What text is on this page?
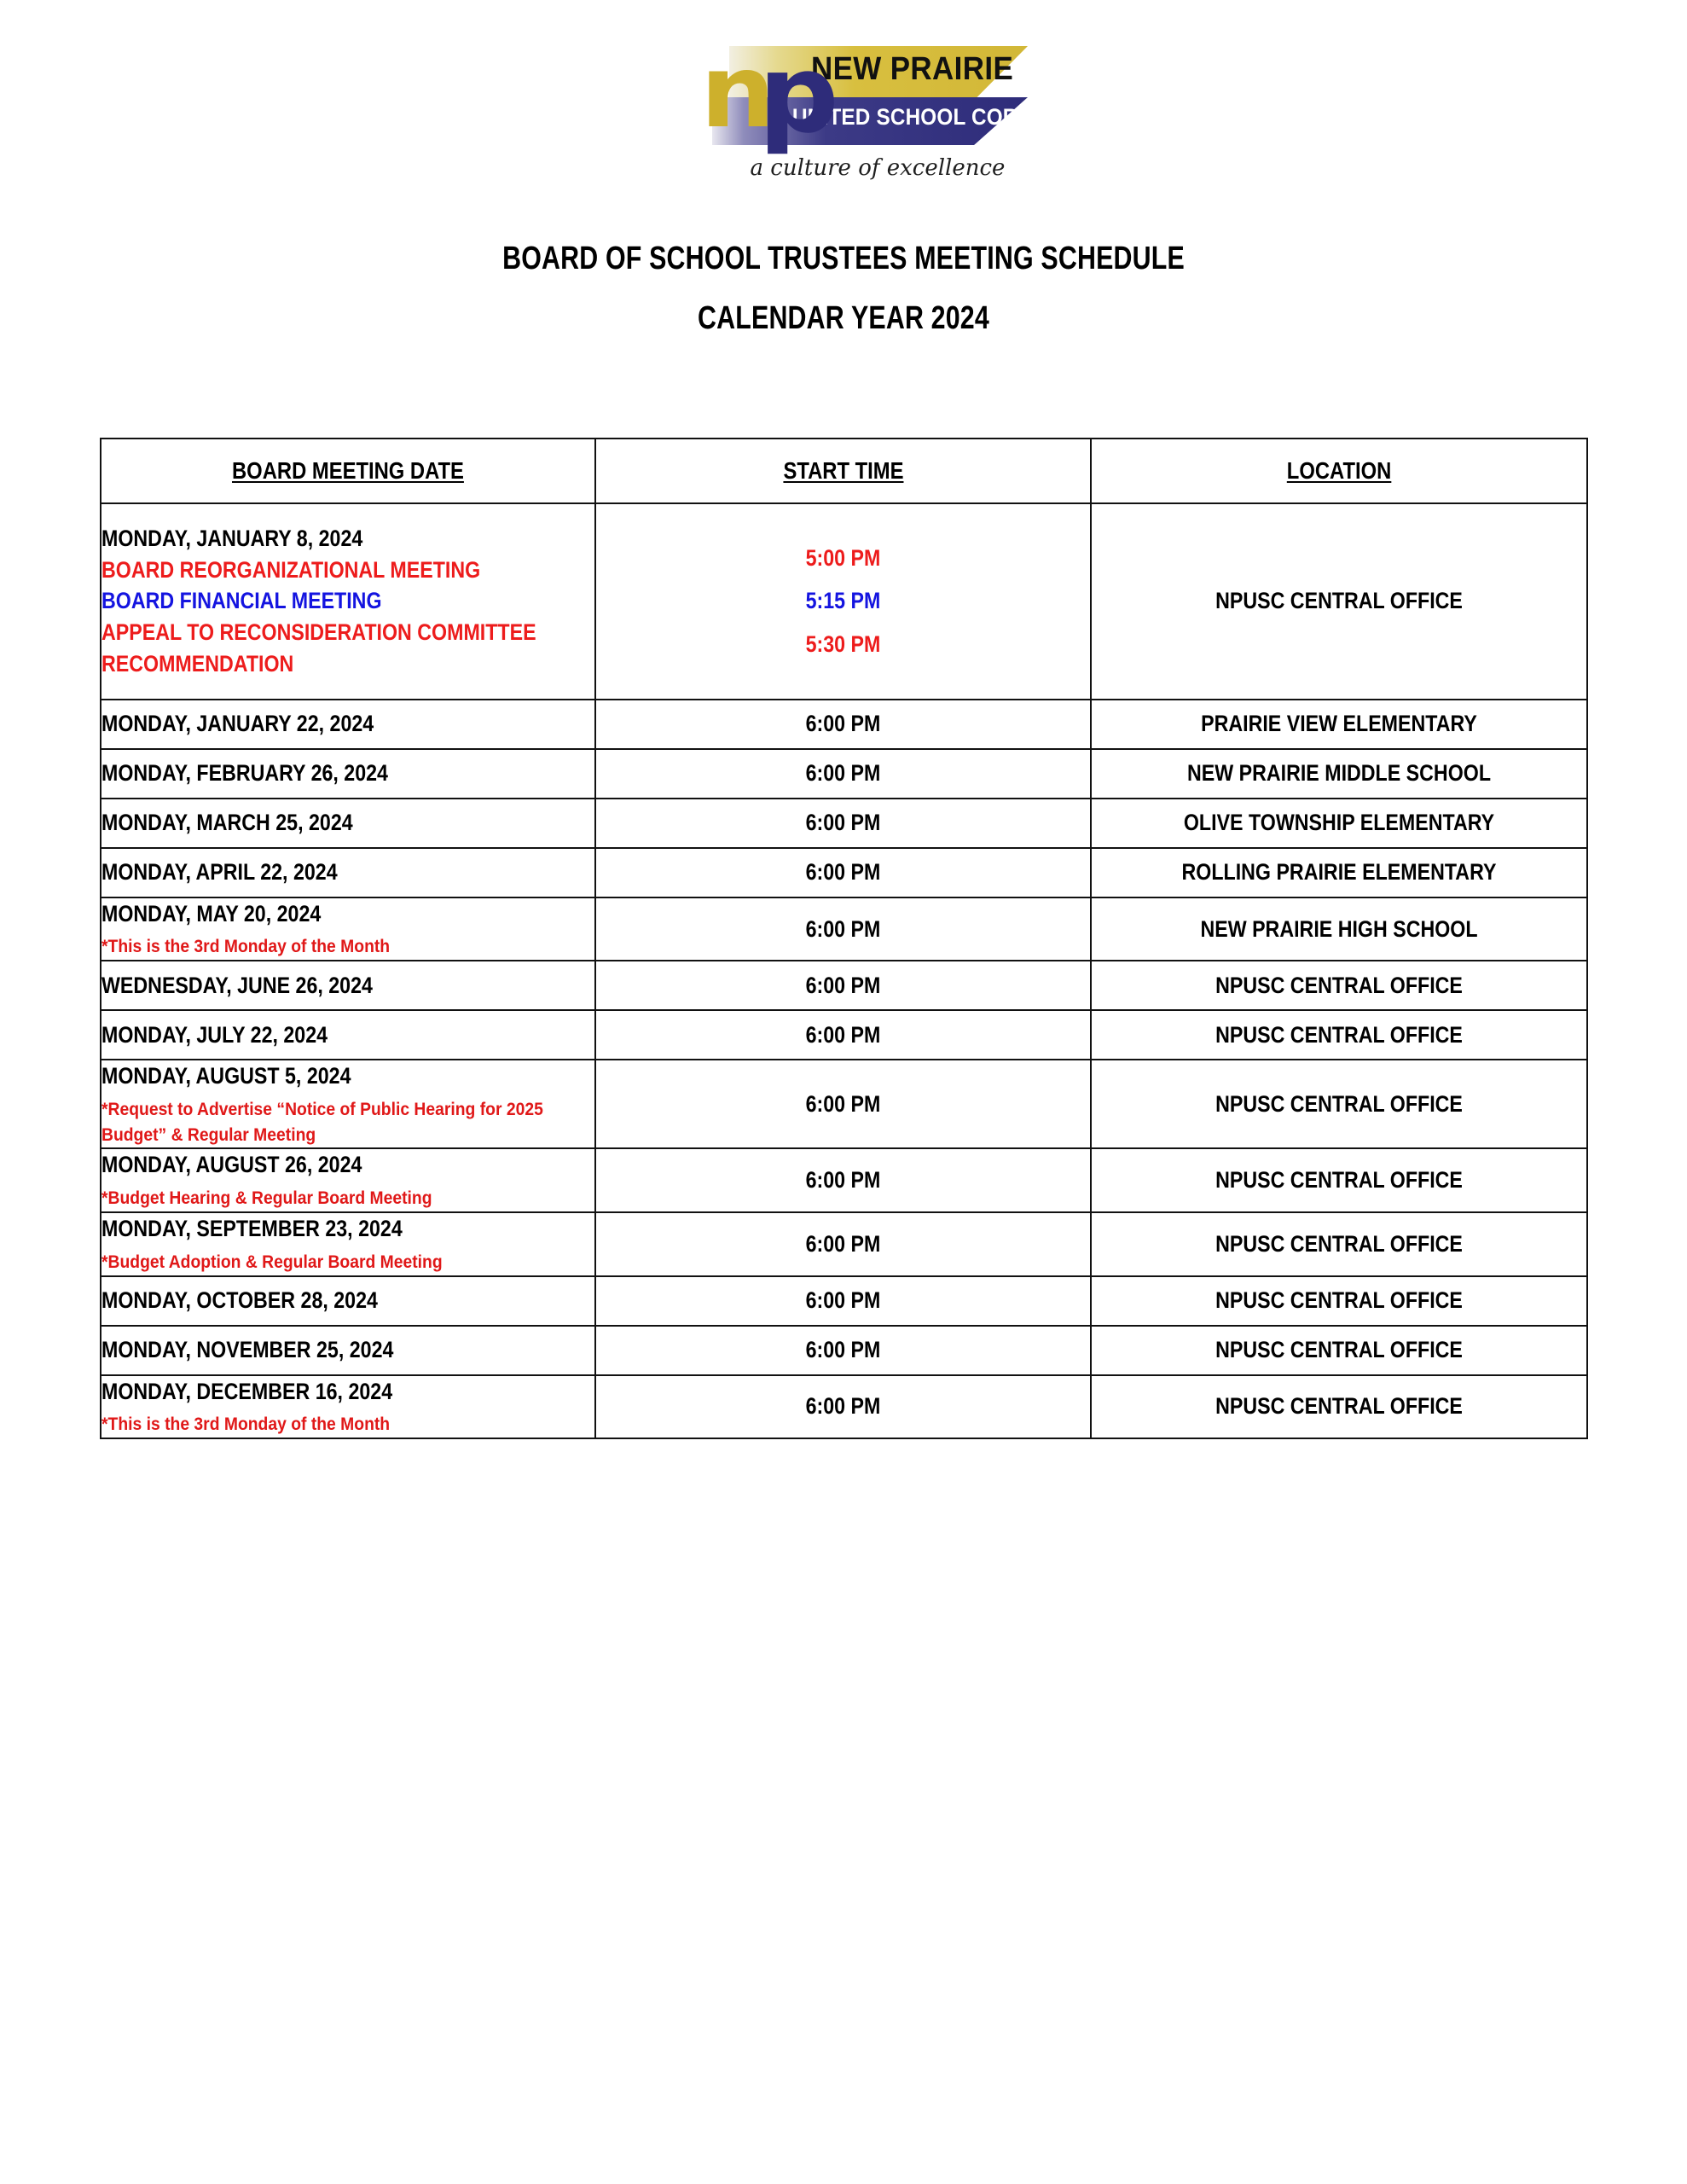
n
p
NEW PRAIRIE
UNITED SCHOOL CORPORATION
a culture of excellence
BOARD OF SCHOOL TRUSTEES MEETING SCHEDULE
CALENDAR YEAR 2024
BOARD MEETING DATE	START TIME	LOCATION

MONDAY, JANUARY 8, 2024
BOARD REORGANIZATIONAL MEETING
BOARD FINANCIAL MEETING
APPEAL TO RECONSIDERATION COMMITTEE
RECOMMENDATION	5:00 PM
5:15 PM
5:30 PM	NPUSC CENTRAL OFFICE

MONDAY, JANUARY 22, 2024	6:00 PM	PRAIRIE VIEW ELEMENTARY

MONDAY, FEBRUARY 26, 2024	6:00 PM	NEW PRAIRIE MIDDLE SCHOOL

MONDAY, MARCH 25, 2024	6:00 PM	OLIVE TOWNSHIP ELEMENTARY

MONDAY, APRIL 22, 2024	6:00 PM	ROLLING PRAIRIE ELEMENTARY

MONDAY, MAY 20, 2024
*This is the 3rd Monday of the Month	6:00 PM	NEW PRAIRIE HIGH SCHOOL

WEDNESDAY, JUNE 26, 2024	6:00 PM	NPUSC CENTRAL OFFICE

MONDAY, JULY 22, 2024	6:00 PM	NPUSC CENTRAL OFFICE

MONDAY, AUGUST 5, 2024
*Request to Advertise “Notice of Public Hearing for 2025 Budget” & Regular Meeting	6:00 PM	NPUSC CENTRAL OFFICE

MONDAY, AUGUST 26, 2024
*Budget Hearing & Regular Board Meeting	6:00 PM	NPUSC CENTRAL OFFICE

MONDAY, SEPTEMBER 23, 2024
*Budget Adoption & Regular Board Meeting	6:00 PM	NPUSC CENTRAL OFFICE

MONDAY, OCTOBER 28, 2024	6:00 PM	NPUSC CENTRAL OFFICE

MONDAY, NOVEMBER 25, 2024	6:00 PM	NPUSC CENTRAL OFFICE

MONDAY, DECEMBER 16, 2024
*This is the 3rd Monday of the Month	6:00 PM	NPUSC CENTRAL OFFICE
